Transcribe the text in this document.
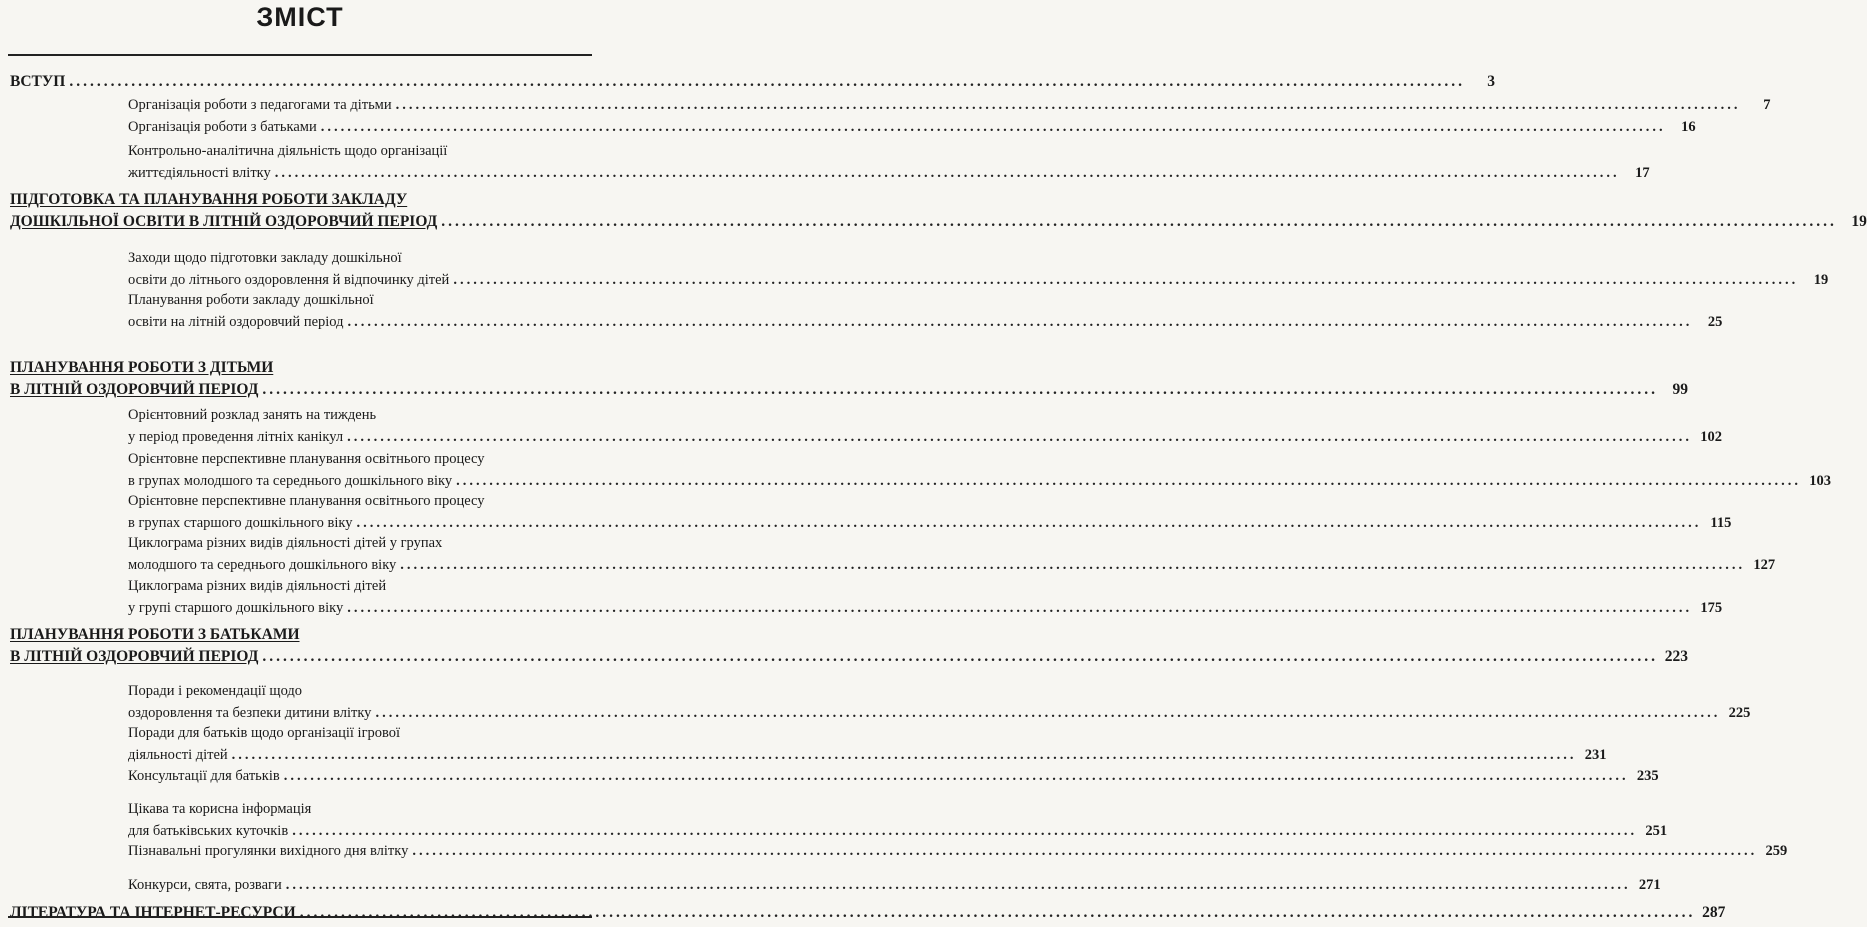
ЗМІСТ
ВСТУП ...........................................................................................................................................................................................................	3
Організація роботи з педагогами та дітьми ...........................................................................................................................................................................................................	7
Організація роботи з батьками ...........................................................................................................................................................................................................	16
Контрольно-аналітична діяльність щодо організації
життєдіяльності влітку ...........................................................................................................................................................................................................	17
ПІДГОТОВКА ТА ПЛАНУВАННЯ РОБОТИ ЗАКЛАДУ
ДОШКІЛЬНОЇ ОСВІТИ В ЛІТНІЙ ОЗДОРОВЧИЙ ПЕРІОД ........................................................................................................................................................................................................... 19
Заходи щодо підготовки закладу дошкільної
освіти до літнього оздоровлення й відпочинку дітей ...........................................................................................................................................................................................................	19
Планування роботи закладу дошкільної
освіти на літній оздоровчий період ...........................................................................................................................................................................................................	25
ПЛАНУВАННЯ РОБОТИ З ДІТЬМИ
В ЛІТНІЙ ОЗДОРОВЧИЙ ПЕРІОД ........................................................................................................................................................................................................... 99
Орієнтовний розклад занять на тиждень
у період проведення літніх канікул ........................................................................................................................................................................................................... 102
Орієнтовне перспективне планування освітнього процесу
в групах молодшого та середнього дошкільного віку ........................................................................................................................................................................................................... 103
Орієнтовне перспективне планування освітнього процесу
в групах старшого дошкільного віку ........................................................................................................................................................................................................... 115
Циклограма різних видів діяльності дітей у групах
молодшого та середнього дошкільного віку ........................................................................................................................................................................................................... 127
Циклограма різних видів діяльності дітей
у групі старшого дошкільного віку ........................................................................................................................................................................................................... 175
ПЛАНУВАННЯ РОБОТИ З БАТЬКАМИ
В ЛІТНІЙ ОЗДОРОВЧИЙ ПЕРІОД ........................................................................................................................................................................................................... 223
Поради і рекомендації щодо
оздоровлення та безпеки дитини влітку ........................................................................................................................................................................................................... 225
Поради для батьків щодо організації ігрової
діяльності дітей ........................................................................................................................................................................................................... 231
Консультації для батьків ........................................................................................................................................................................................................... 235
Цікава та корисна інформація
для батьківських куточків ........................................................................................................................................................................................................... 251
Пізнавальні прогулянки вихідного дня влітку ........................................................................................................................................................................................................... 259
Конкурси, свята, розваги ........................................................................................................................................................................................................... 271
ЛІТЕРАТУРА ТА ІНТЕРНЕТ-РЕСУРСИ ........................................................................................................................................................................................................... 287
